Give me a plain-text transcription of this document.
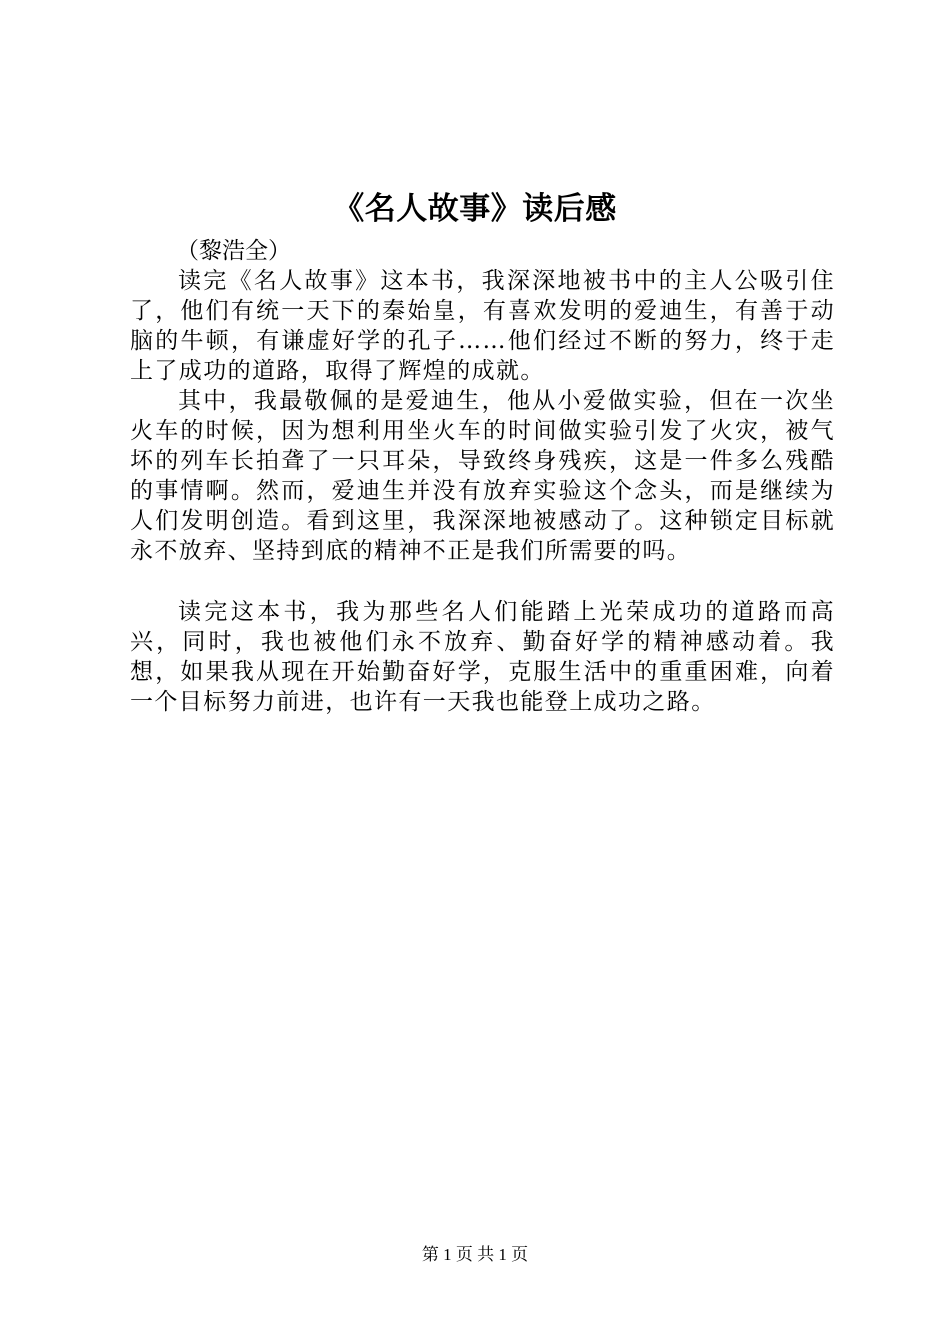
《名人故事》读后感

（黎浩全）

读完《名人故事》这本书，我深深地被书中的主人公吸引住了，他们有统一天下的秦始皇，有喜欢发明的爱迪生，有善于动脑的牛顿，有谦虚好学的孔子……他们经过不断的努力，终于走上了成功的道路，取得了辉煌的成就。

其中，我最敬佩的是爱迪生，他从小爱做实验，但在一次坐火车的时候，因为想利用坐火车的时间做实验引发了火灾，被气坏的列车长拍聋了一只耳朵，导致终身残疾，这是一件多么残酷的事情啊。然而，爱迪生并没有放弃实验这个念头，而是继续为人们发明创造。看到这里，我深深地被感动了。这种锁定目标就永不放弃、坚持到底的精神不正是我们所需要的吗。

读完这本书，我为那些名人们能踏上光荣成功的道路而高兴，同时，我也被他们永不放弃、勤奋好学的精神感动着。我想，如果我从现在开始勤奋好学，克服生活中的重重困难，向着一个目标努力前进，也许有一天我也能登上成功之路。

第 1 页 共 1 页
